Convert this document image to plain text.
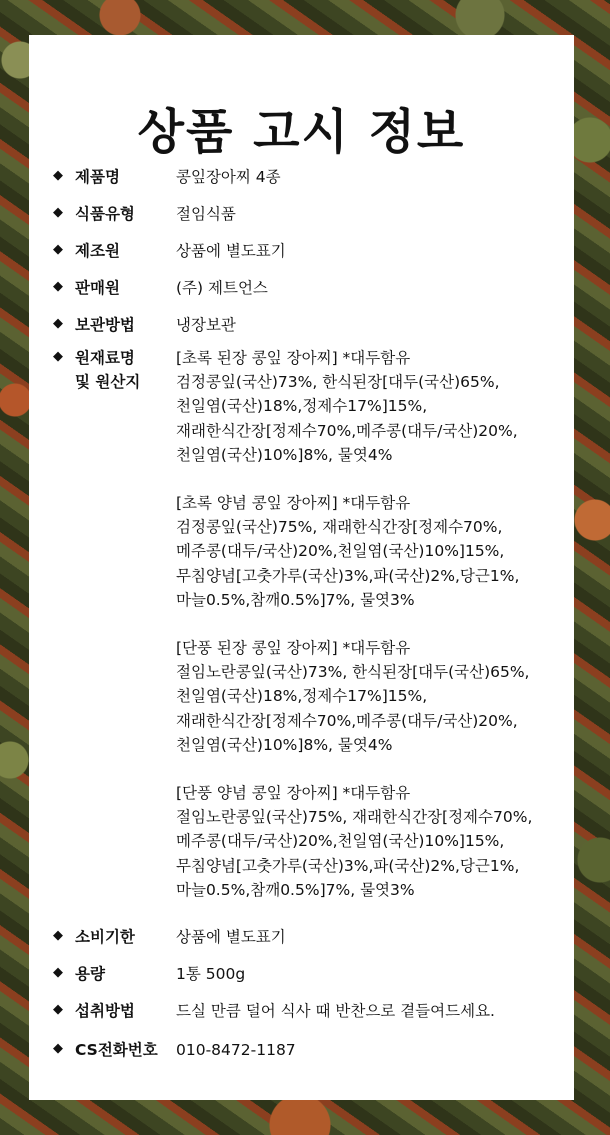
상품 고시 정보
◆ 제품명	콩잎장아찌 4종
◆ 식품유형	절임식품
◆ 제조원	상품에 별도표기
◆ 판매원	(주) 제트언스
◆ 보관방법	냉장보관
◆ 원재료명
및 원산지
[초록 된장 콩잎 장아찌] *대두함유
검정콩잎(국산)73%, 한식된장[대두(국산)65%,
천일염(국산)18%,정제수17%]15%,
재래한식간장[정제수70%,메주콩(대두/국산)20%,
천일염(국산)10%]8%, 물엿4%
[초록 양념 콩잎 장아찌] *대두함유
검정콩잎(국산)75%, 재래한식간장[정제수70%,
메주콩(대두/국산)20%,천일염(국산)10%]15%,
무침양념[고춧가루(국산)3%,파(국산)2%,당근1%,
마늘0.5%,참깨0.5%]7%, 물엿3%
[단풍 된장 콩잎 장아찌] *대두함유
절임노란콩잎(국산)73%, 한식된장[대두(국산)65%,
천일염(국산)18%,정제수17%]15%,
재래한식간장[정제수70%,메주콩(대두/국산)20%,
천일염(국산)10%]8%, 물엿4%
[단풍 양념 콩잎 장아찌] *대두함유
절임노란콩잎(국산)75%, 재래한식간장[정제수70%,
메주콩(대두/국산)20%,천일염(국산)10%]15%,
무침양념[고춧가루(국산)3%,파(국산)2%,당근1%,
마늘0.5%,참깨0.5%]7%, 물엿3%
◆ 소비기한	상품에 별도표기
◆ 용량	1통 500g
◆ 섭취방법	드실 만큼 덜어 식사 때 반찬으로 곁들여드세요.
◆ CS전화번호 010-8472-1187
